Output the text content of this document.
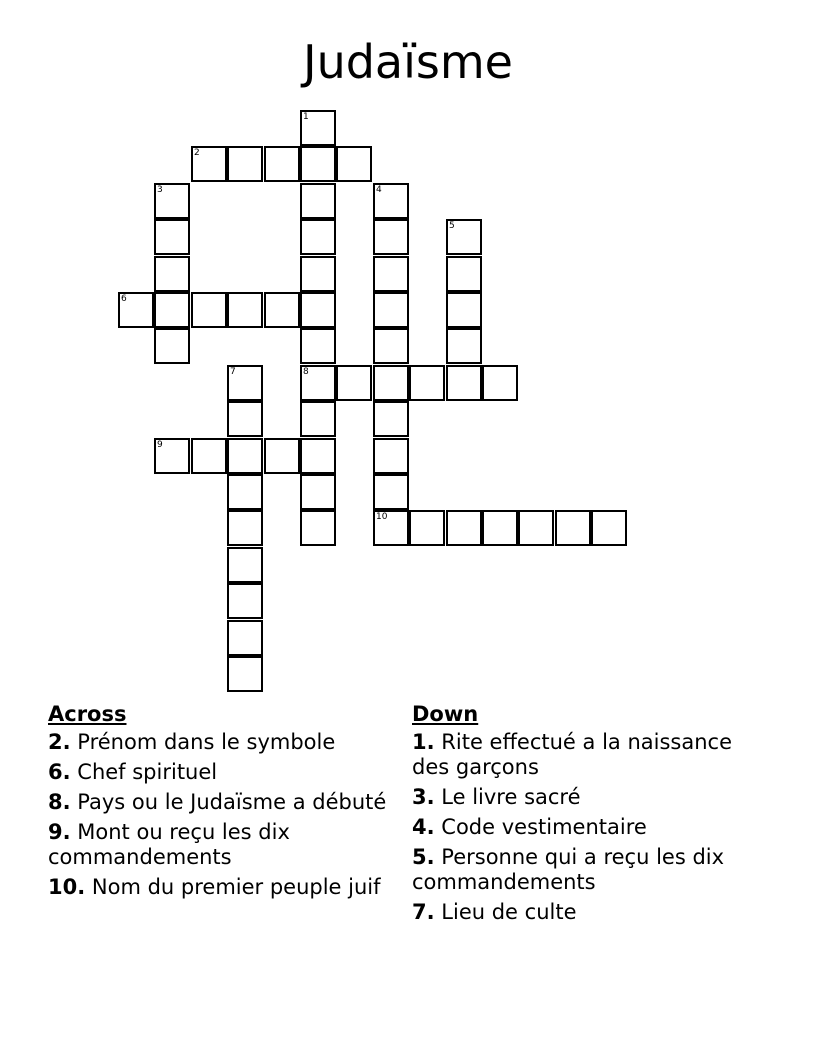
Judaïsme
1
2
3	4
5
6
7	8
9
10
Across
2. Prénom dans le symbole
6. Chef spirituel
8. Pays ou le Judaïsme a débuté
9. Mont ou reçu les dix commandements
10. Nom du premier peuple juif
Down
1. Rite effectué a la naissance des garçons
3. Le livre sacré
4. Code vestimentaire
5. Personne qui a reçu les dix commandements
7. Lieu de culte
